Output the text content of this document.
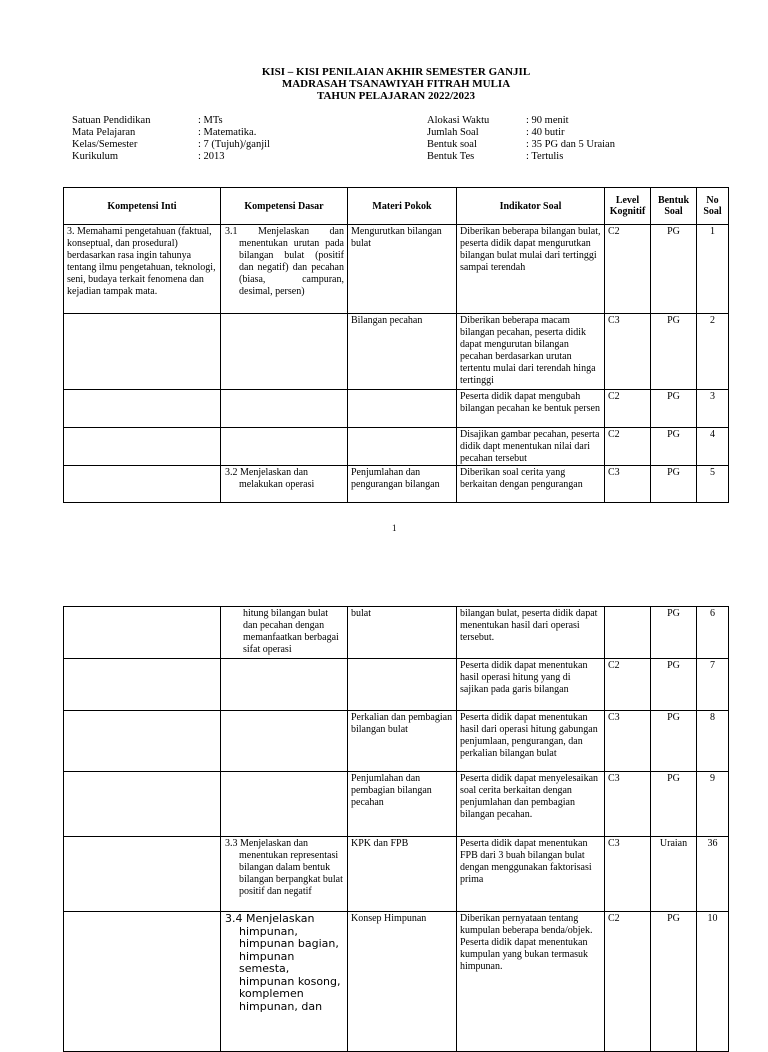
KISI – KISI PENILAIAN AKHIR SEMESTER GANJIL
MADRASAH TSANAWIYAH FITRAH MULIA
TAHUN PELAJARAN 2022/2023
Satuan Pendidikan	: MTs
Mata Pelajaran	: Matematika.
Kelas/Semester	: 7 (Tujuh)/ganjil
Kurikulum	: 2013
Alokasi Waktu	: 90 menit
Jumlah Soal	: 40 butir
Bentuk soal	: 35 PG dan 5 Uraian
Bentuk Tes	: Tertulis
Kompetensi Inti	Kompetensi Dasar	Materi Pokok	Indikator Soal	Level Kognitif	Bentuk Soal	No Soal
3. Memahami pengetahuan (faktual, konseptual, dan prosedural) berdasarkan rasa ingin tahunya tentang ilmu pengetahuan, teknologi, seni, budaya terkait fenomena dan kejadian tampak mata.	3.1 Menjelaskan dan menentukan urutan pada bilangan bulat (positif dan negatif) dan pecahan (biasa, campuran, desimal, persen)	Mengurutkan bilangan bulat	Diberikan beberapa bilangan bulat, peserta didik dapat mengurutkan bilangan bulat mulai dari tertinggi sampai terendah	C2	PG	1
		Bilangan pecahan	Diberikan beberapa macam bilangan pecahan, peserta didik dapat mengurutan bilangan pecahan berdasarkan urutan tertentu mulai dari terendah hinga tertinggi	C3	PG	2
			Peserta didik dapat mengubah bilangan pecahan ke bentuk persen	C2	PG	3
			Disajikan gambar pecahan, peserta didik dapt menentukan nilai dari pecahan tersebut	C2	PG	4
	3.2 Menjelaskan dan melakukan operasi	Penjumlahan dan pengurangan bilangan	Diberikan soal cerita yang berkaitan dengan pengurangan	C3	PG	5
1
	hitung bilangan bulat dan pecahan dengan memanfaatkan berbagai sifat operasi	bulat	bilangan bulat, peserta didik dapat menentukan hasil dari operasi tersebut.		PG	6
			Peserta didik dapat menentukan hasil operasi hitung yang di sajikan pada garis bilangan	C2	PG	7
		Perkalian dan pembagian bilangan bulat	Peserta didik dapat menentukan hasil dari operasi hitung gabungan penjumlaan, pengurangan, dan perkalian bilangan bulat	C3	PG	8
		Penjumlahan dan pembagian bilangan pecahan	Peserta didik dapat menyelesaikan soal cerita berkaitan dengan penjumlahan dan pembagian bilangan pecahan.	C3	PG	9
	3.3 Menjelaskan dan menentukan representasi bilangan dalam bentuk bilangan berpangkat bulat positif dan negatif	KPK dan FPB	Peserta didik dapat menentukan FPB dari 3 buah bilangan bulat dengan menggunakan faktorisasi prima	C3	Uraian	36
	3.4 Menjelaskan himpunan, himpunan bagian, himpunan semesta, himpunan kosong, komplemen himpunan, dan	Konsep Himpunan	Diberikan pernyataan tentang kumpulan beberapa benda/objek. Peserta didik dapat menentukan kumpulan yang bukan termasuk himpunan.	C2	PG	10
